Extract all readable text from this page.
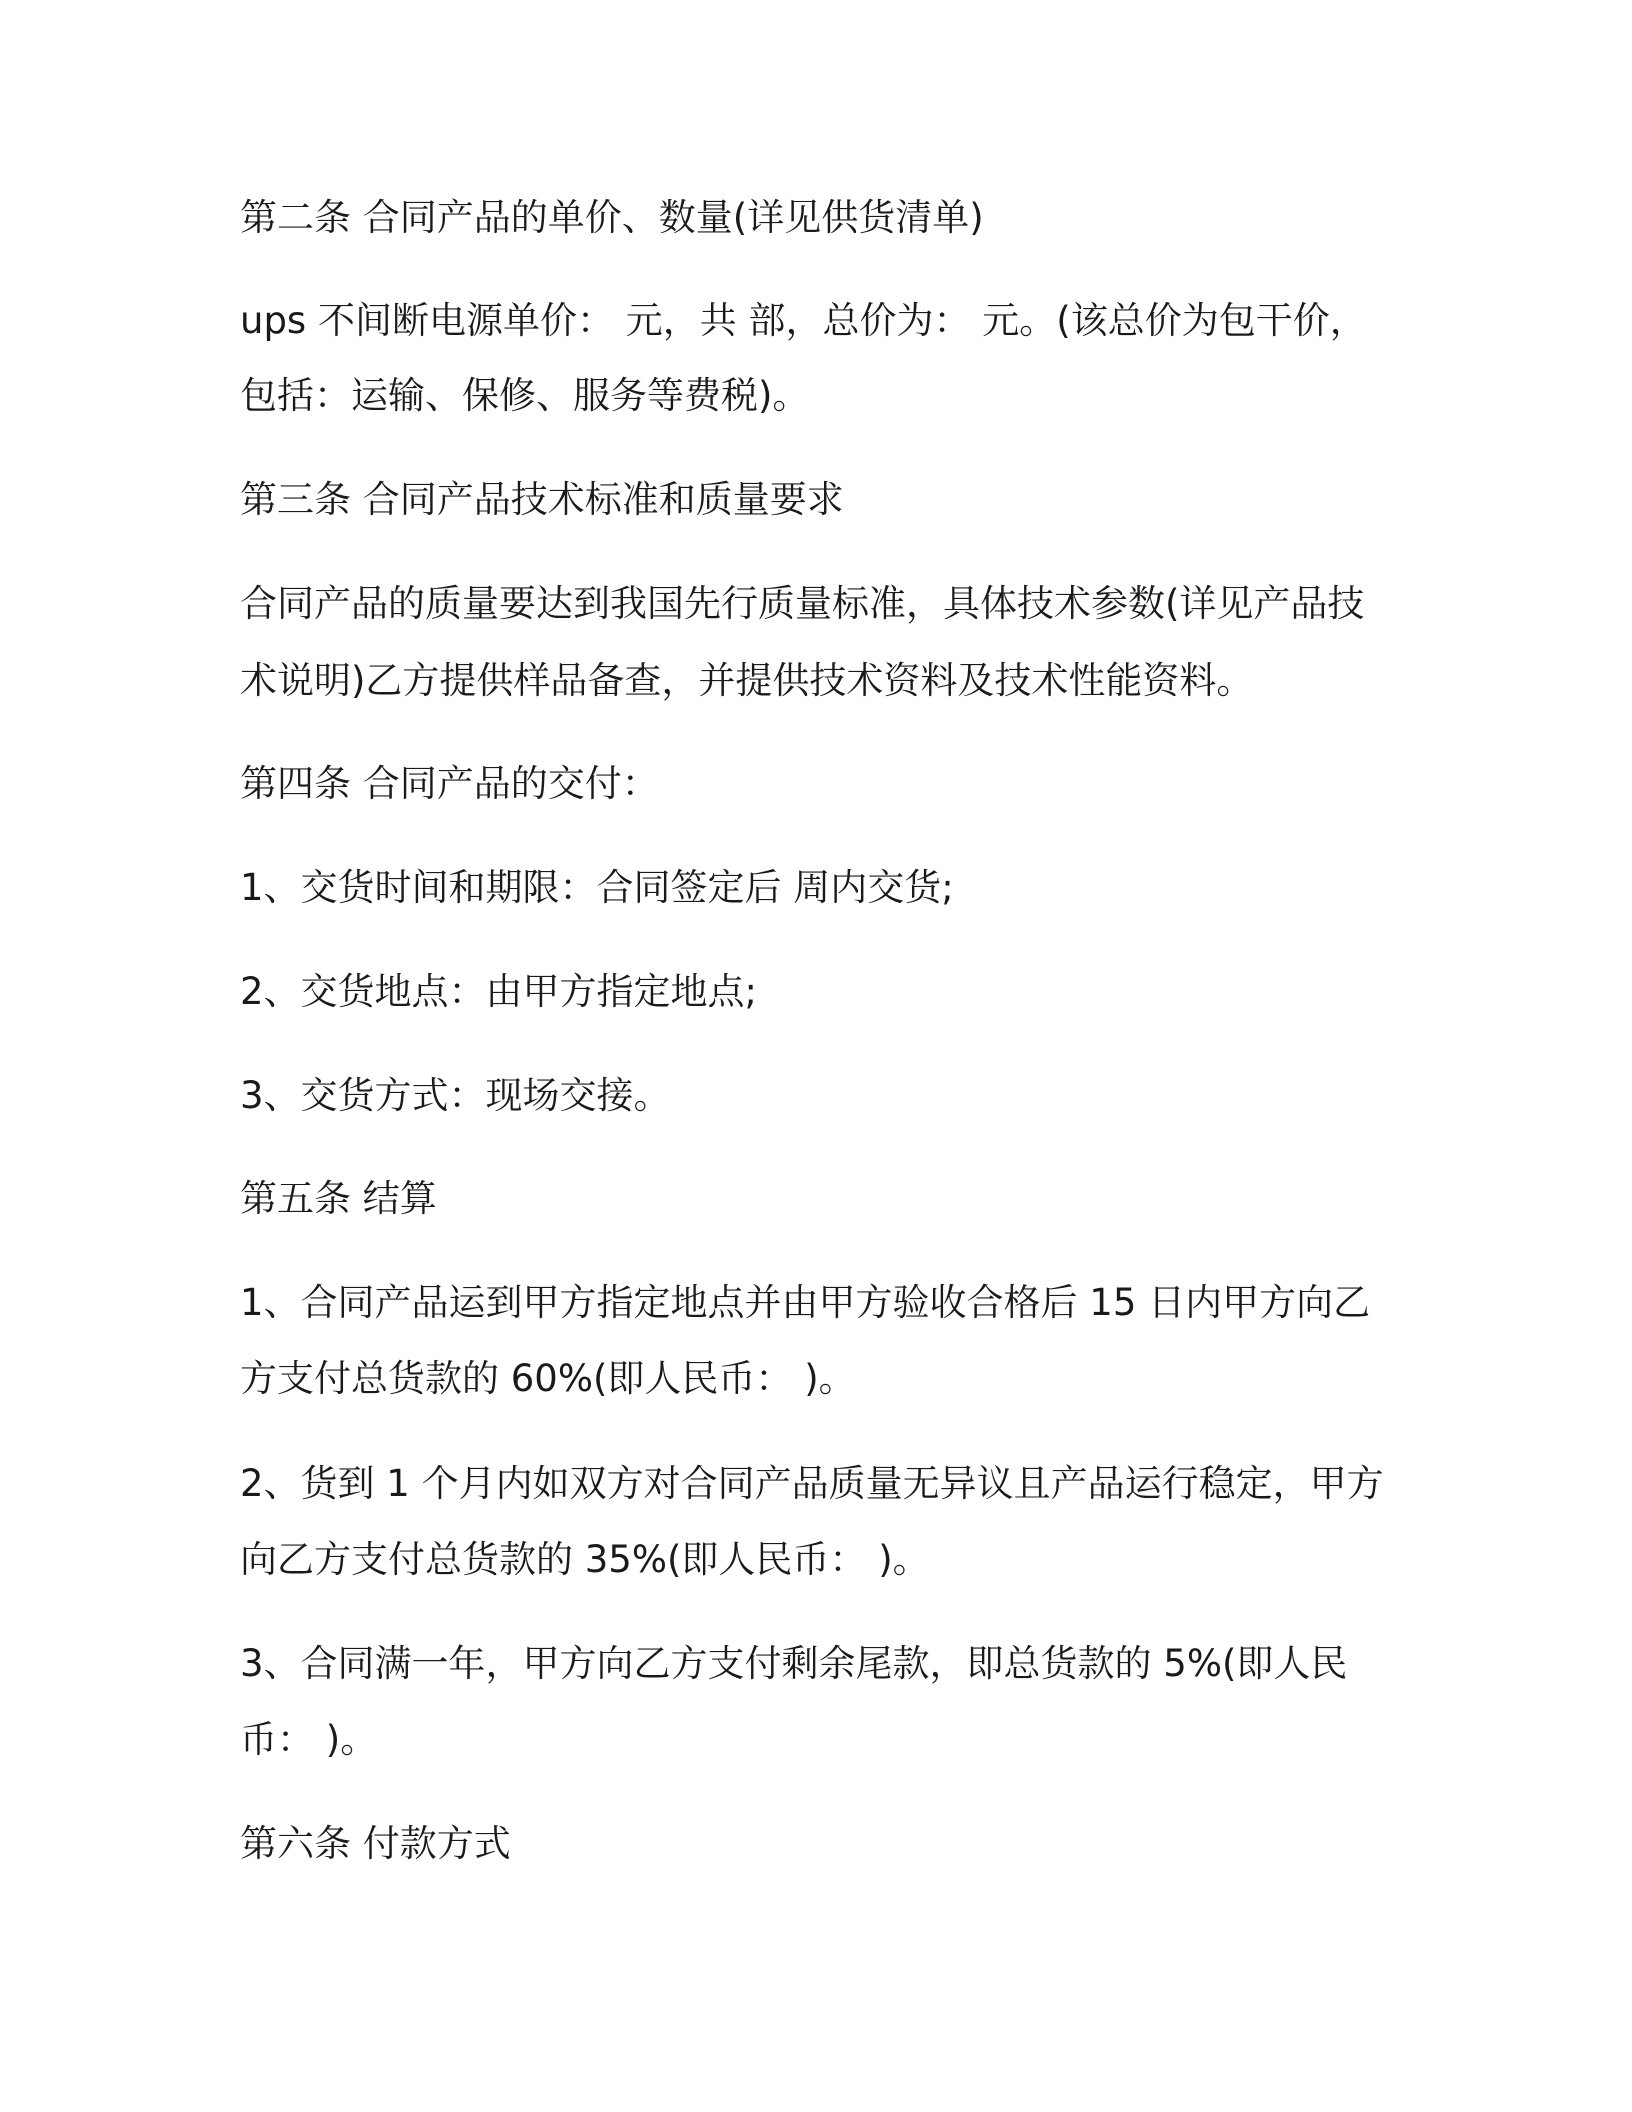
第二条 合同产品的单价、数量(详见供货清单)

ups 不间断电源单价： 元，共 部，总价为： 元。(该总价为包干价，

包括：运输、保修、服务等费税)。

第三条 合同产品技术标准和质量要求

合同产品的质量要达到我国先行质量标准，具体技术参数(详见产品技

术说明)乙方提供样品备查，并提供技术资料及技术性能资料。

第四条 合同产品的交付：

1、交货时间和期限：合同签定后 周内交货;

2、交货地点：由甲方指定地点;

3、交货方式：现场交接。

第五条 结算

1、合同产品运到甲方指定地点并由甲方验收合格后 15 日内甲方向乙

方支付总货款的 60%(即人民币： )。

2、货到 1 个月内如双方对合同产品质量无异议且产品运行稳定，甲方

向乙方支付总货款的 35%(即人民币： )。

3、合同满一年，甲方向乙方支付剩余尾款，即总货款的 5%(即人民

币： )。

第六条 付款方式
